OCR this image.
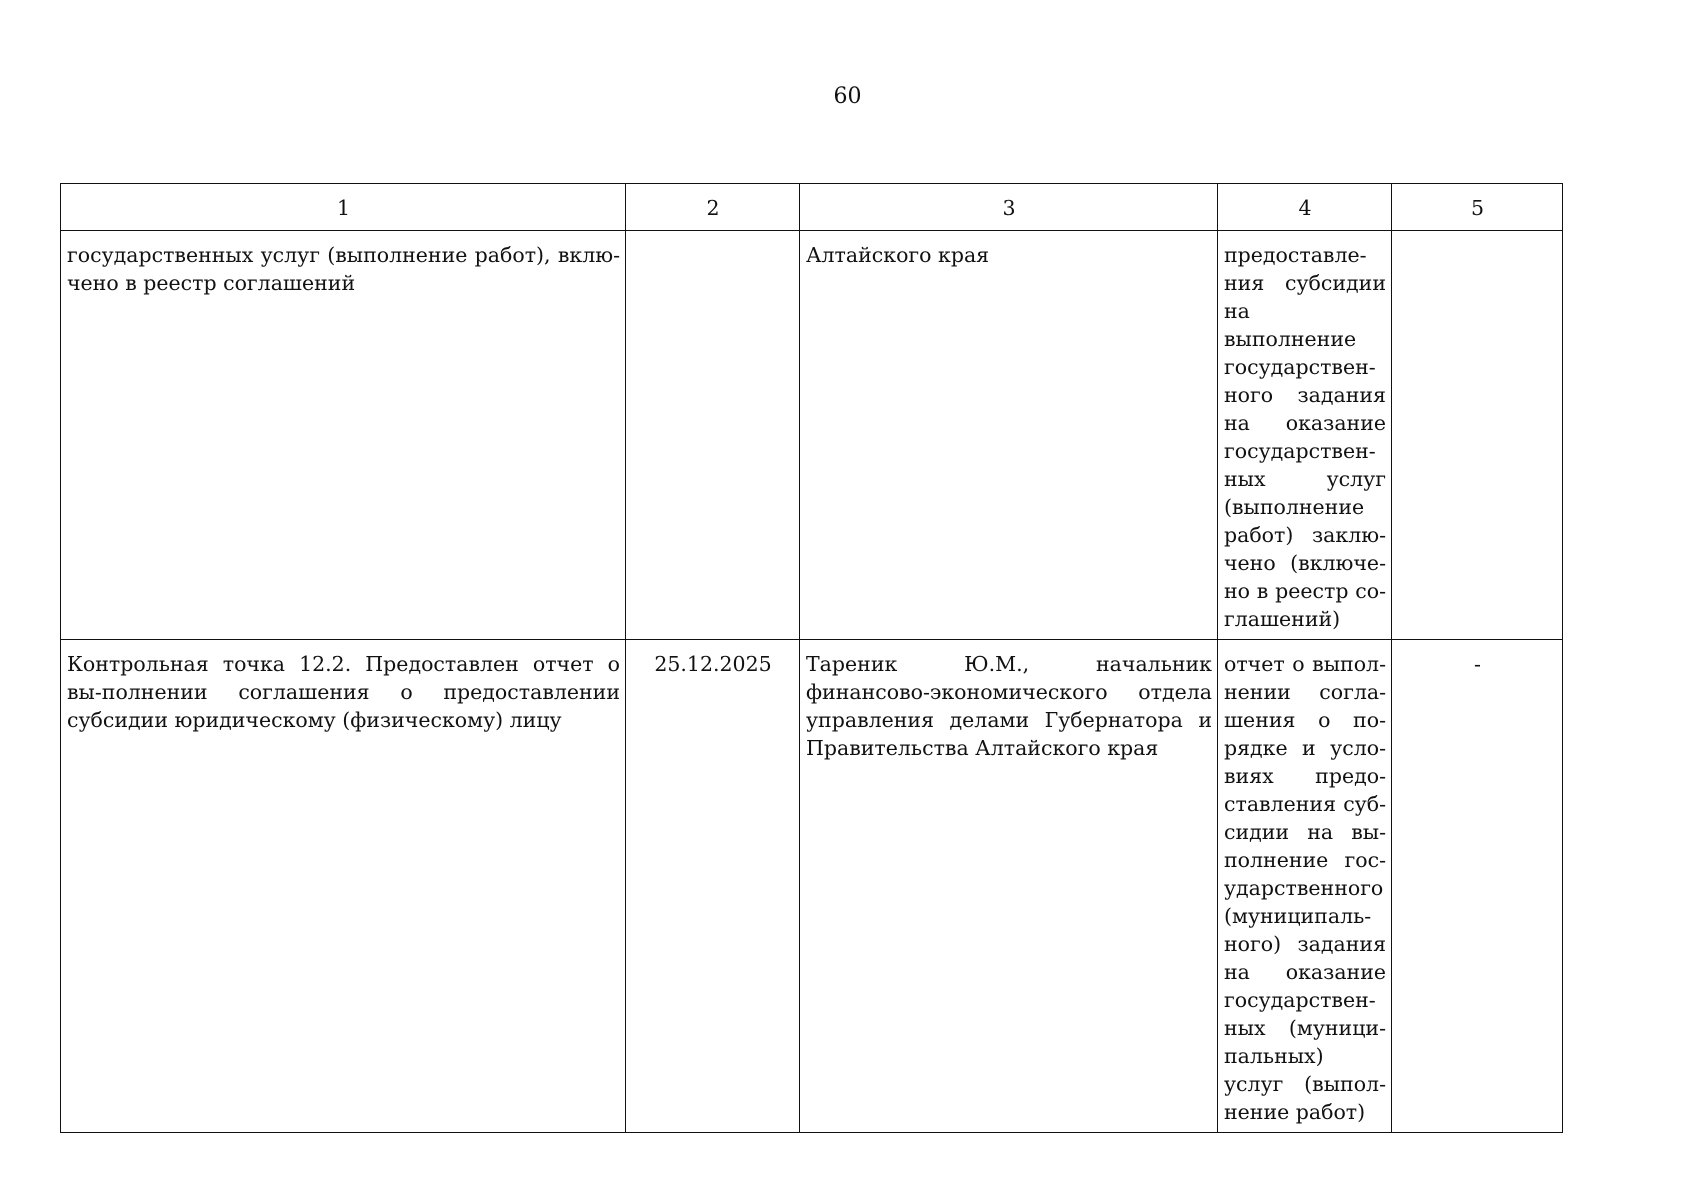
60
1	2	3	4	5
государственных услуг (выполнение работ), вклю-чено в реестр соглашений		Алтайского края	предоставле-ния субсидии на выполнение государствен-ного задания на оказание государствен-ных услуг (выполнение работ) заклю-чено (включе-но в реестр со-глашений)	
Контрольная точка 12.2. Предоставлен отчет о вы-полнении соглашения о предоставлении субсидии юридическому (физическому) лицу	25.12.2025	Тареник Ю.М., начальник финансово-экономического отдела управления делами Губернатора и Правительства Алтайского края	отчет о выпол-нении согла-шения о по-рядке и усло-виях предо-ставления суб-сидии на вы-полнение гос-ударственного (муниципаль-ного) задания на оказание государствен-ных (муници-пальных) услуг (выпол-нение работ)	-
